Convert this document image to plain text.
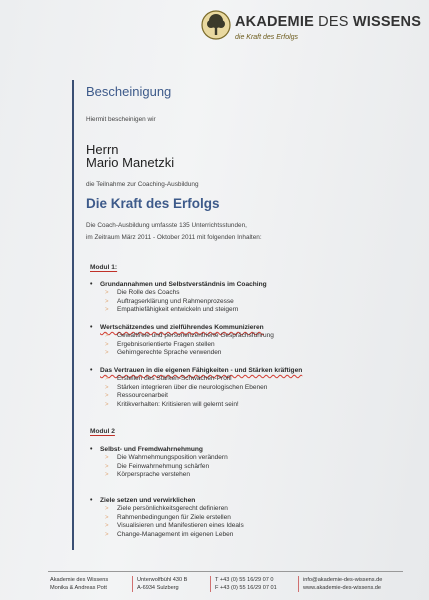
AKADEMIE DES WISSENS
die Kraft des Erfolgs
Bescheinigung
Hiermit bescheinigen wir
Herrn
Mario Manetzki
die Teilnahme zur Coaching-Ausbildung
Die Kraft des Erfolgs
Die Coach-Ausbildung umfasste 135 Unterrichtsstunden,
im Zeitraum März 2011 - Oktober 2011 mit folgenden Inhalten:
Modul 1:
• Grundannahmen und Selbstverständnis im Coaching
> Die Rolle des Coachs
> Auftragserklärung und Rahmenprozesse
> Empathiefähigkeit entwickeln und steigern
• Wertschätzendes und zielführendes Kommunizieren
> Gewaltfreie und personenzentrierte Gesprächsführung
> Ergebnisorientierte Fragen stellen
> Gehirngerechte Sprache verwenden
• Das Vertrauen in die eigenen Fähigkeiten - und Stärken kräftigen
> Erstellen des Stärken-Schwächen-Profil
> Stärken integrieren über die neurologischen Ebenen
> Ressourcenarbeit
> Kritikverhalten: Kritisieren will gelernt sein!
Modul 2
• Selbst- und Fremdwahrnehmung
> Die Wahrnehmungsposition verändern
> Die Feinwahrnehmung schärfen
> Körpersprache verstehen
• Ziele setzen und verwirklichen
> Ziele persönlichkeitsgerecht definieren
> Rahmenbedingungen für Ziele erstellen
> Visualisieren und Manifestieren eines Ideals
> Change-Management im eigenen Leben
Akademie des Wissens
Monika & Andreas Pott
Unterwolfbühl 430 B
A-6934 Sulzberg
T +43 (0) 55 16/29 07 0
F +43 (0) 55 16/29 07 01
info@akademie-des-wissens.de
www.akademie-des-wissens.de
